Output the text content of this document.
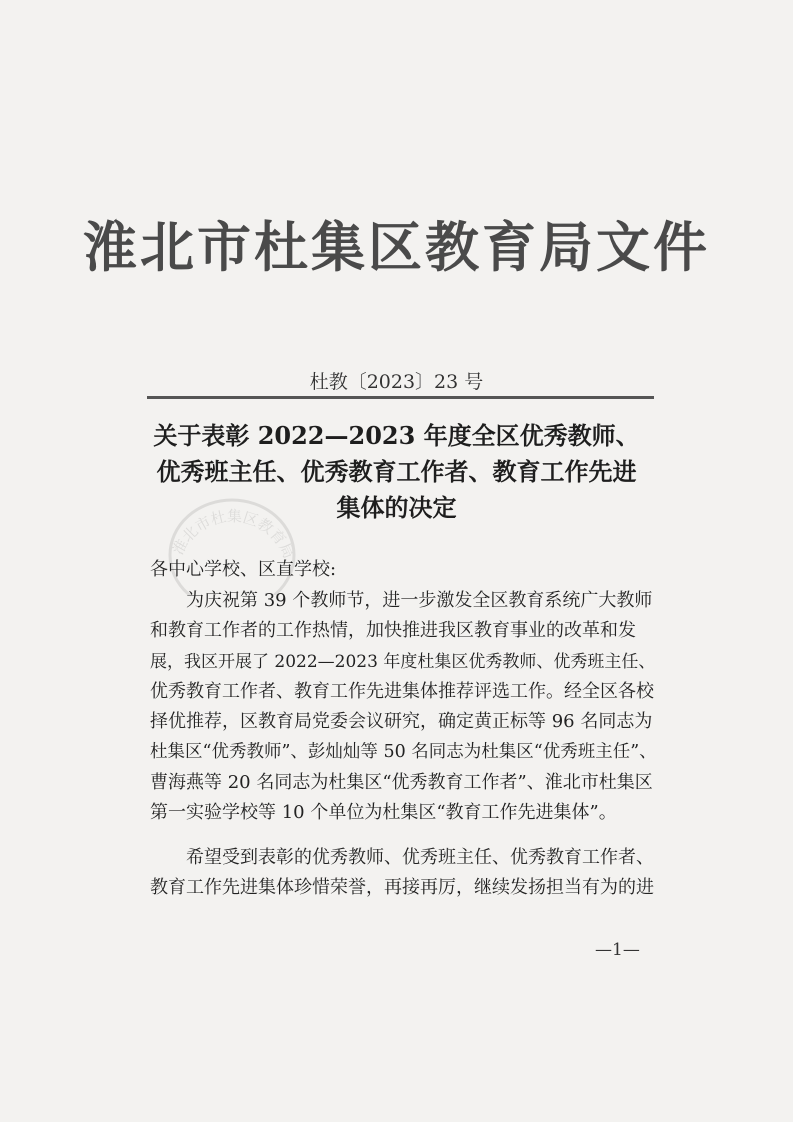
淮北市杜集区教育局文件
杜教〔2023〕23 号
关于表彰 2022—2023 年度全区优秀教师、
优秀班主任、优秀教育工作者、教育工作先进
集体的决定
淮北市杜集区教育局
各中心学校、区直学校:
　　为庆祝第 39 个教师节，进一步激发全区教育系统广大教师
和教育工作者的工作热情，加快推进我区教育事业的改革和发
展，我区开展了 2022—2023 年度杜集区优秀教师、优秀班主任、
优秀教育工作者、教育工作先进集体推荐评选工作。经全区各校
择优推荐，区教育局党委会议研究，确定黄正标等 96 名同志为
杜集区“优秀教师”、彭灿灿等 50 名同志为杜集区“优秀班主任”、
曹海燕等 20 名同志为杜集区“优秀教育工作者”、淮北市杜集区
第一实验学校等 10 个单位为杜集区“教育工作先进集体”。
　　希望受到表彰的优秀教师、优秀班主任、优秀教育工作者、
教育工作先进集体珍惜荣誉，再接再厉，继续发扬担当有为的进
—1—
